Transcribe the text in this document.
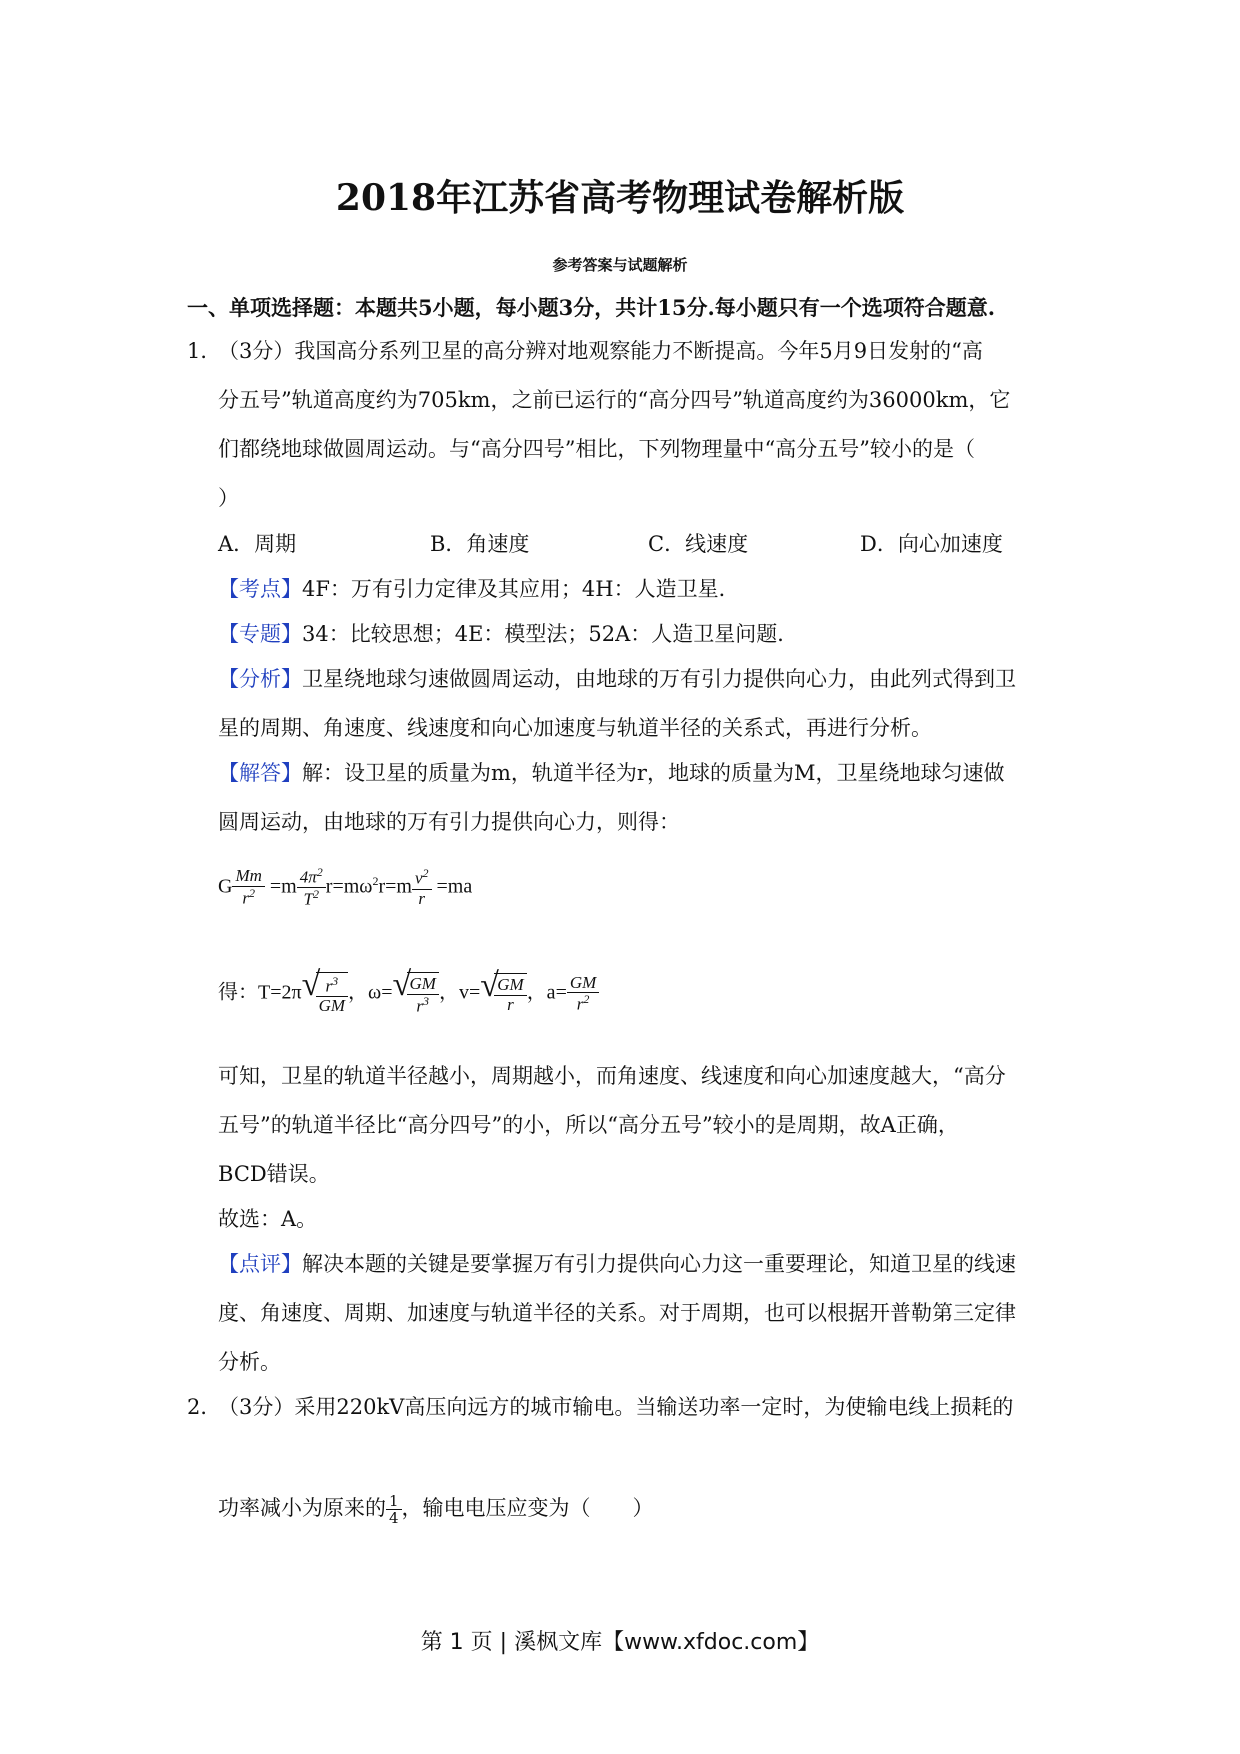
2018年江苏省高考物理试卷解析版
参考答案与试题解析
一、单项选择题：本题共5小题，每小题3分，共计15分.每小题只有一个选项符合题意.
1．
（3分）我国高分系列卫星的高分辨对地观察能力不断提高。今年5月9日发射的“高
分五号”轨道高度约为705km，之前已运行的“高分四号”轨道高度约为36000km，它
们都绕地球做圆周运动。与“高分四号”相比，下列物理量中“高分五号”较小的是（
）
A．周期	B．角速度	C．线速度	D．向心加速度
【考点】4F：万有引力定律及其应用；4H：人造卫星．
【专题】34：比较思想；4E：模型法；52A：人造卫星问题．
【分析】卫星绕地球匀速做圆周运动，由地球的万有引力提供向心力，由此列式得到卫
星的周期、角速度、线速度和向心加速度与轨道半径的关系式，再进行分析。
【解答】解：设卫星的质量为m，轨道半径为r，地球的质量为M，卫星绕地球匀速做
圆周运动，由地球的万有引力提供向心力，则得：
G $\frac{Mm}{r^2} =m \frac{4\pi^2}{T^2} r=m\omega^2r=m \frac{v^2}{r} =ma$
得：T=2π √
$\frac{r^3}{GM}$ ，ω= √
$\frac{GM}{r^3}$ ，v= √
$\frac{GM}{r}$ ，$a= \frac{GM}{r^2}$
可知，卫星的轨道半径越小，周期越小，而角速度、线速度和向心加速度越大，“高分
五号”的轨道半径比“高分四号”的小，所以“高分五号”较小的是周期，故A正确，
BCD错误。
故选：A。
【点评】解决本题的关键是要掌握万有引力提供向心力这一重要理论，知道卫星的线速
度、角速度、周期、加速度与轨道半径的关系。对于周期，也可以根据开普勒第三定律
分析。
2．
（3分）采用220kV高压向远方的城市输电。当输送功率一定时，为使输电线上损耗的
功率减小为原来的 $\frac{1}{4}$ ，输电电压应变为（　　）
第 1 页 | 溪枫文库【www.xfdoc.com】
